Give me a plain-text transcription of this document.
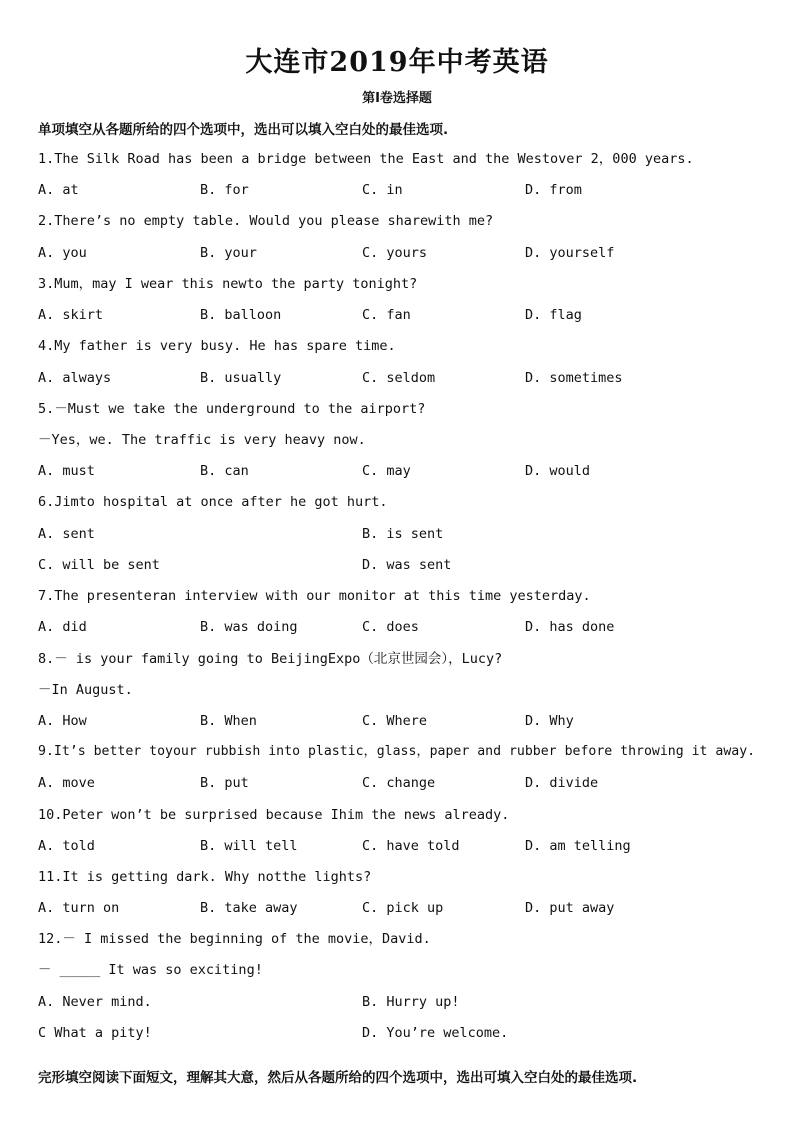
大连市2019年中考英语
第I卷选择题
单项填空从各题所给的四个选项中，选出可以填入空白处的最佳选项.
1.The Silk Road has been a bridge between the East and the Westover 2，000 years.
A. at	B. for	C. in	D. from
2.There’s no empty table. Would you please sharewith me?
A. you	B. your	C. yours	D. yourself
3.Mum，may I wear this newto the party tonight?
A. skirt	B. balloon	C. fan	D. flag
4.My father is very busy. He has spare time.
A. always	B. usually	C. seldom	D. sometimes
5.－Must we take the underground to the airport?
－Yes，we. The traffic is very heavy now.
A. must	B. can	C. may	D. would
6.Jimto hospital at once after he got hurt.
A. sent	B. is sent
C. will be sent	D. was sent
7.The presenteran interview with our monitor at this time yesterday.
A. did	B. was doing	C. does	D. has done
8.－ is your family going to BeijingExpo（北京世园会），Lucy?
－In August.
A. How	B. When	C. Where	D. Why
9.It’s better toyour rubbish into plastic，glass，paper and rubber before throwing it away.
A. move	B. put	C. change	D. divide
10.Peter won’t be surprised because Ihim the news already.
A. told	B. will tell	C. have told	D. am telling
11.It is getting dark. Why notthe lights?
A. turn on	B. take away	C. pick up	D. put away
12.－ I missed the beginning of the movie，David.
－ _____ It was so exciting!
A. Never mind.	B. Hurry up!
C What a pity!	D. You’re welcome.
完形填空阅读下面短文，理解其大意，然后从各题所给的四个选项中，选出可填入空白处的最佳选项.
